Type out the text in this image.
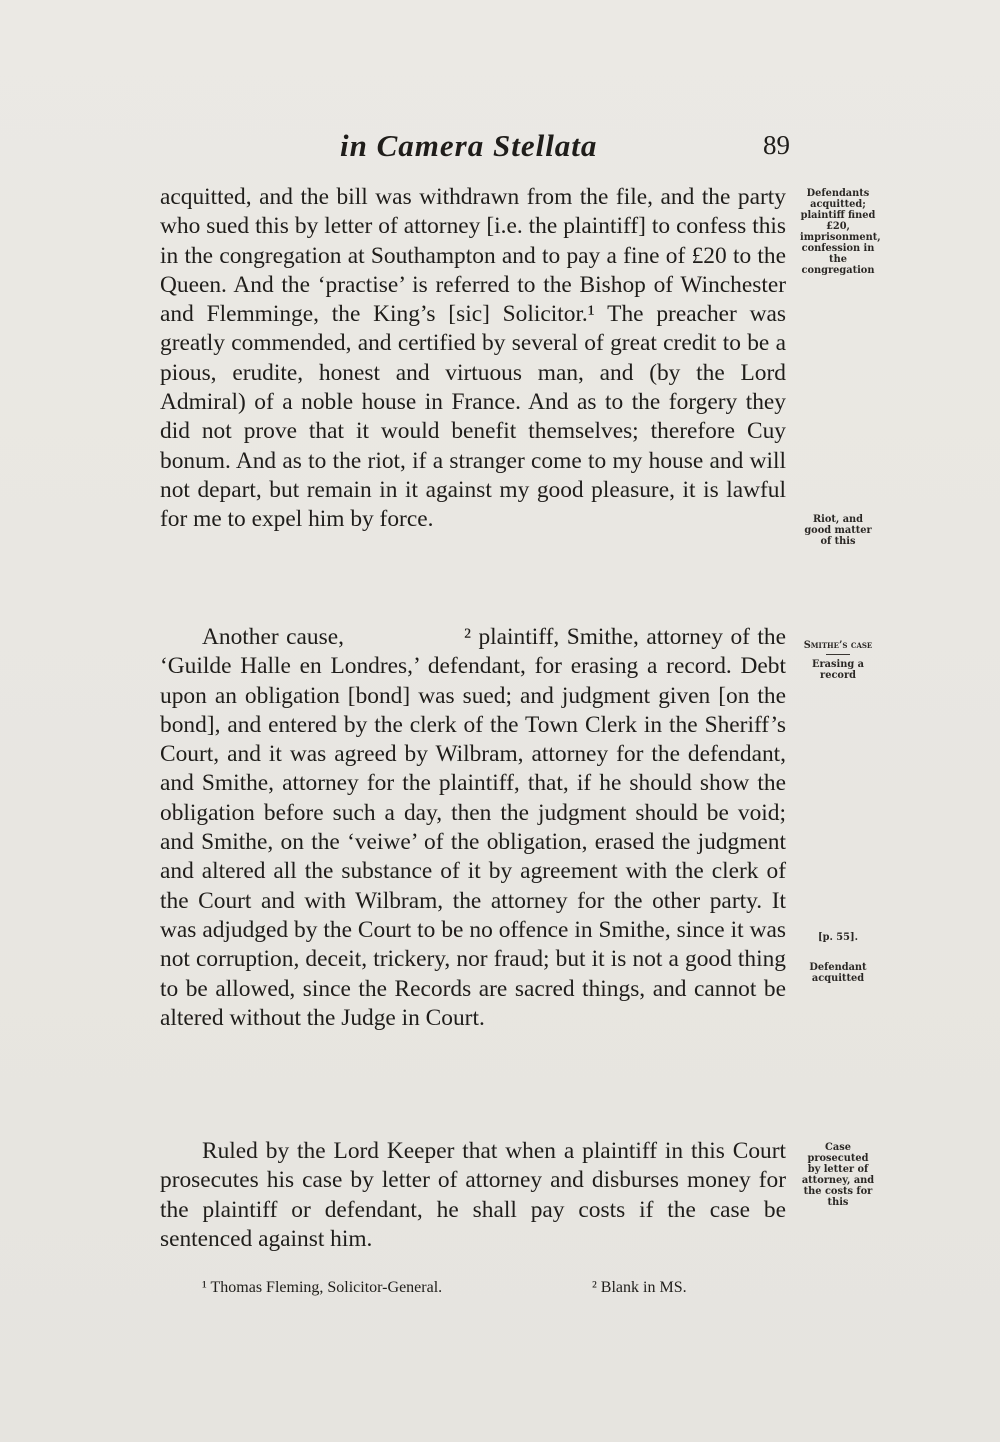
in Camera Stellata	89

acquitted, and the bill was withdrawn from the file, and the party who sued this by letter of attorney [i.e. the plaintiff] to confess this in the congregation at Southampton and to pay a fine of £20 to the Queen. And the ‘practise’ is referred to the Bishop of Winchester and Flemminge, the King’s [sic] Solicitor.¹ The preacher was greatly commended, and certified by several of great credit to be a pious, erudite, honest and virtuous man, and (by the Lord Admiral) of a noble house in France. And as to the forgery they did not prove that it would benefit themselves; therefore Cuy bonum. And as to the riot, if a stranger come to my house and will not depart, but remain in it against my good pleasure, it is lawful for me to expel him by force.

Another cause,	² plaintiff, Smithe, attorney of the ‘Guilde Halle en Londres,’ defendant, for erasing a record. Debt upon an obligation [bond] was sued; and judgment given [on the bond], and entered by the clerk of the Town Clerk in the Sheriff’s Court, and it was agreed by Wilbram, attorney for the defendant, and Smithe, attorney for the plaintiff, that, if he should show the obligation before such a day, then the judgment should be void; and Smithe, on the ‘veiwe’ of the obligation, erased the judgment and altered all the substance of it by agreement with the clerk of the Court and with Wilbram, the attorney for the other party. It was adjudged by the Court to be no offence in Smithe, since it was not corruption, deceit, trickery, nor fraud; but it is not a good thing to be allowed, since the Records are sacred things, and cannot be altered without the Judge in Court.

Ruled by the Lord Keeper that when a plaintiff in this Court prosecutes his case by letter of attorney and disburses money for the plaintiff or defendant, he shall pay costs if the case be sentenced against him.

Defendants acquitted; plaintiff fined £20, imprisonment, confession in the congregation
Riot, and good matter of this
Smithe’s case
Erasing a record
[p. 55].
Defendant acquitted
Case prosecuted by letter of attorney, and the costs for this
¹ Thomas Fleming, Solicitor-General.	² Blank in MS.
